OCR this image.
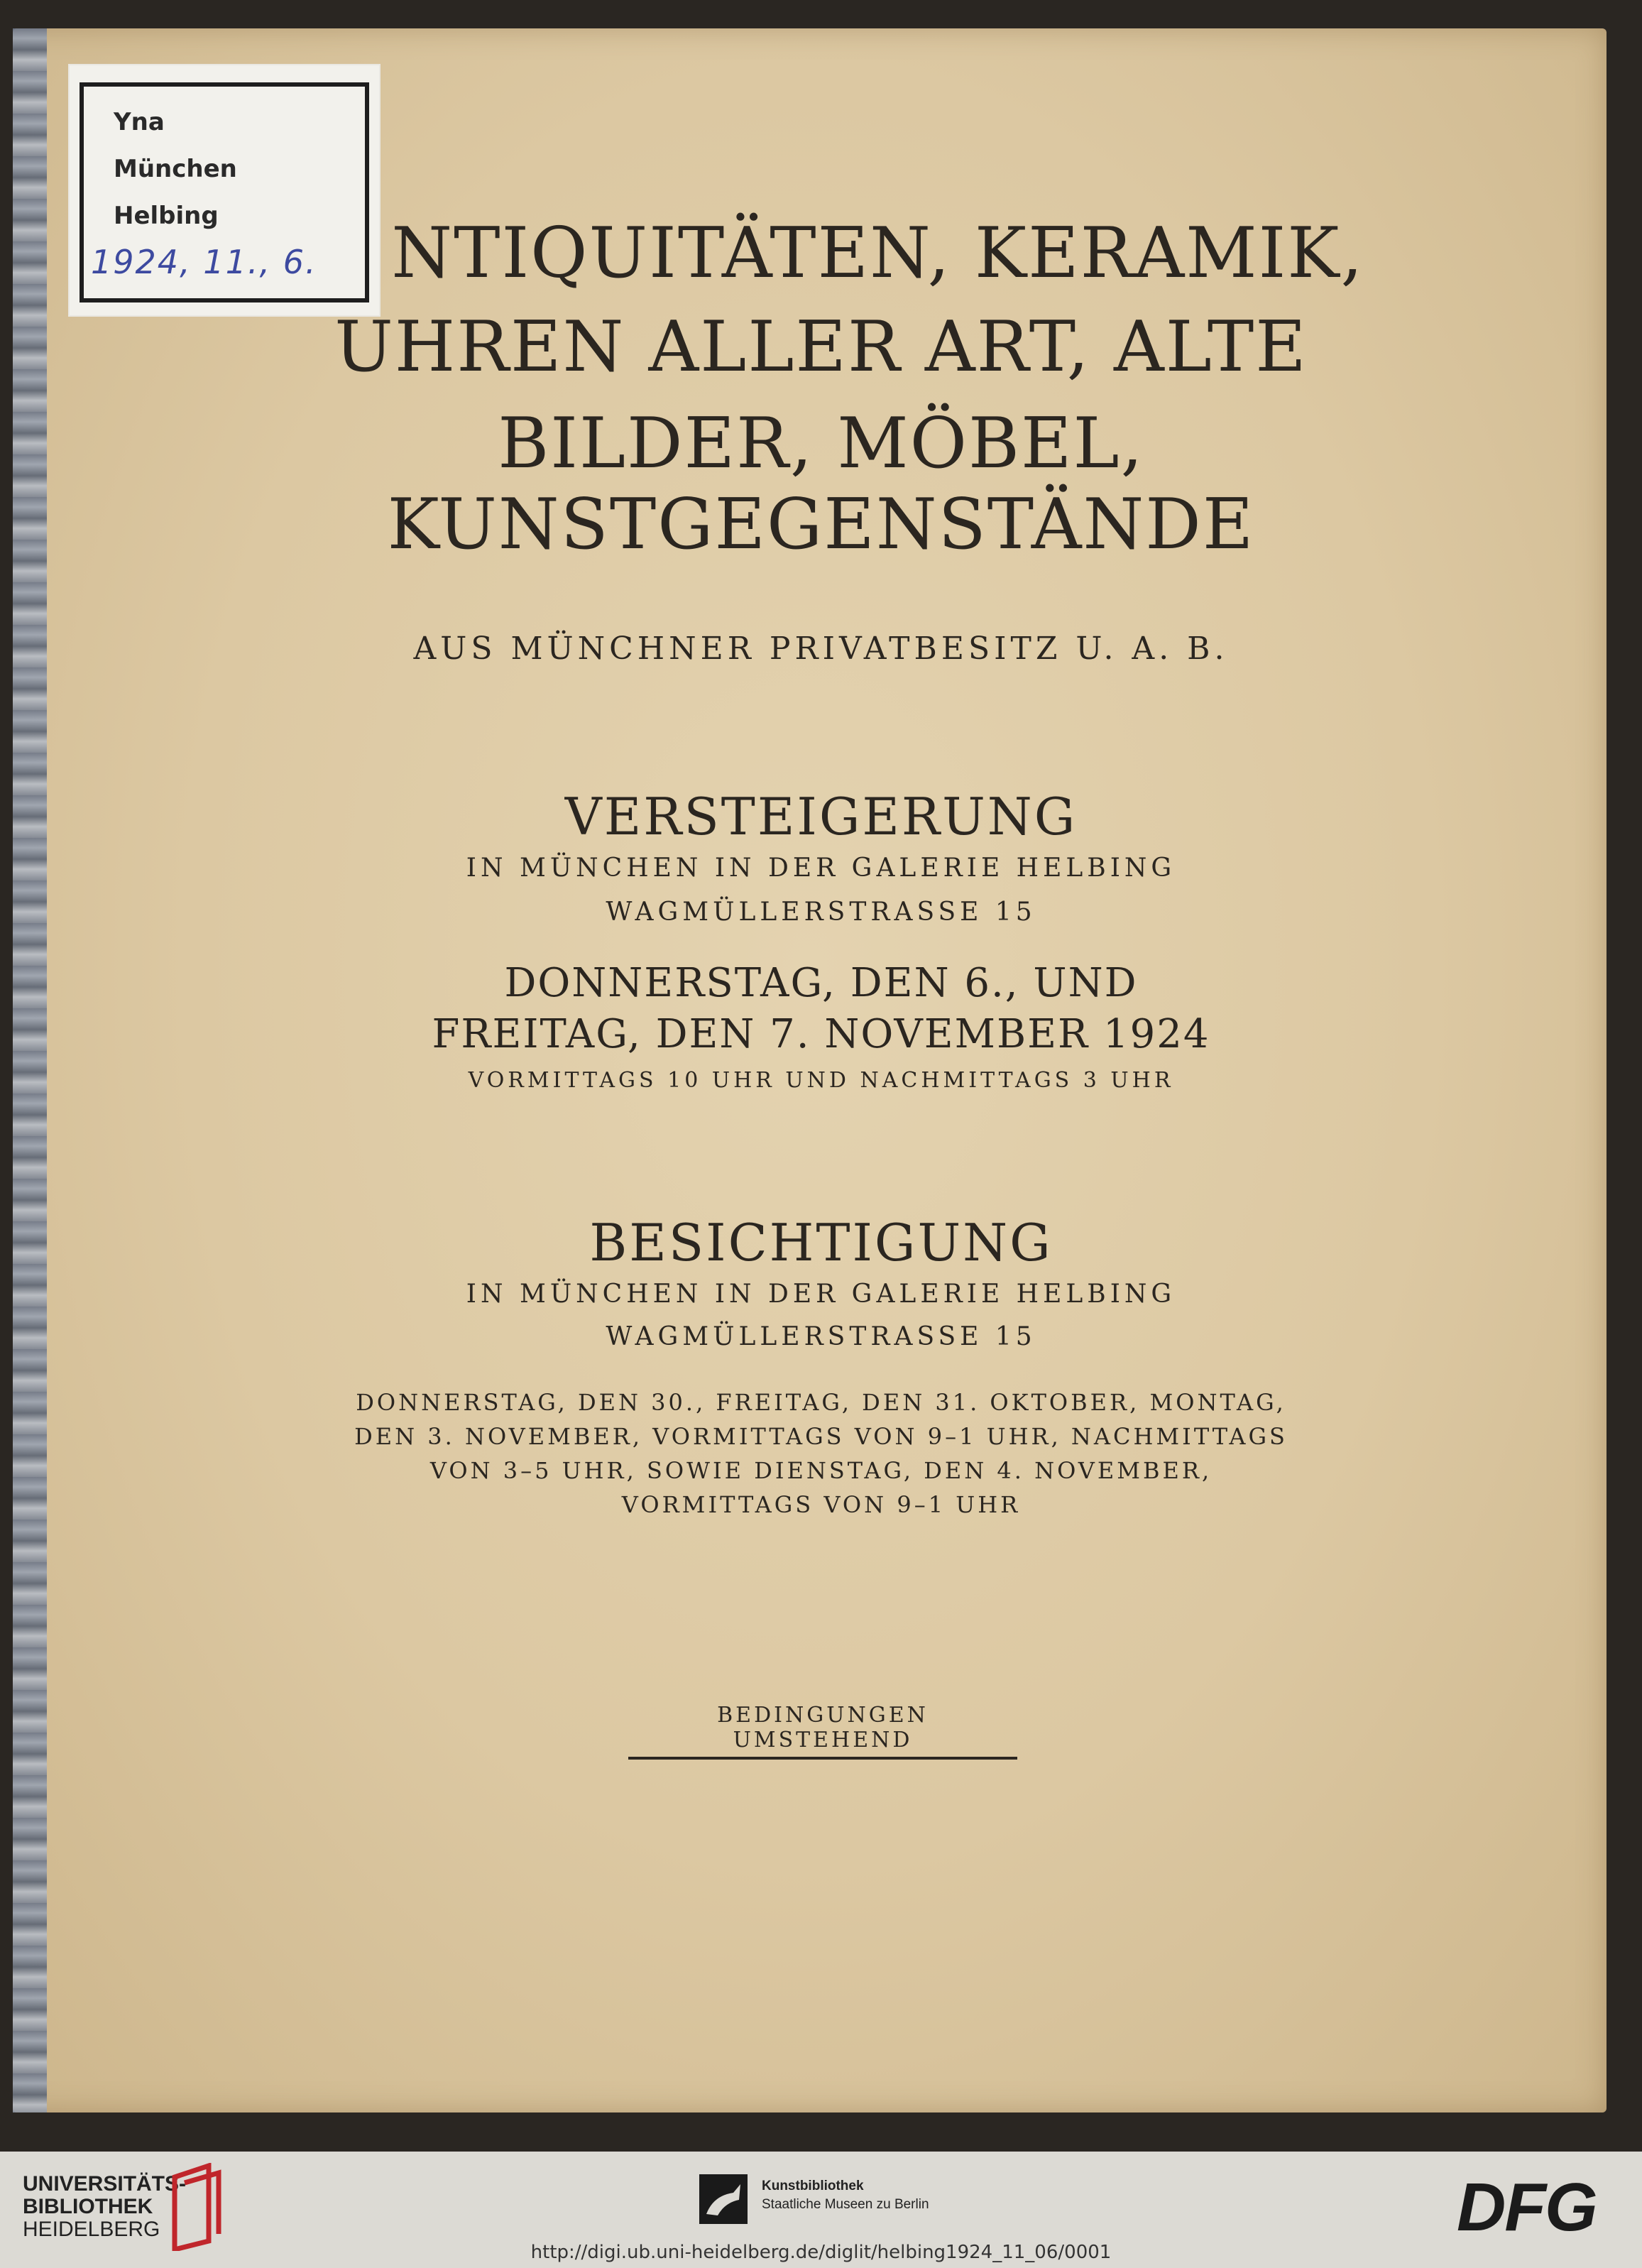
Yna
München
Helbing
1924, 11., 6.	NTIQUITÄTEN, KERAMIK,
UHREN ALLER ART, ALTE
BILDER, MÖBEL,
KUNSTGEGENSTÄNDE
AUS MÜNCHNER PRIVATBESITZ U. A. B.
VERSTEIGERUNG
IN MÜNCHEN IN DER GALERIE HELBING
WAGMÜLLERSTRASSE 15
DONNERSTAG, DEN 6., UND
FREITAG, DEN 7. NOVEMBER 1924
VORMITTAGS 10 UHR UND NACHMITTAGS 3 UHR
BESICHTIGUNG
IN MÜNCHEN IN DER GALERIE HELBING
WAGMÜLLERSTRASSE 15
DONNERSTAG, DEN 30., FREITAG, DEN 31. OKTOBER, MONTAG,
DEN 3. NOVEMBER, VORMITTAGS VON 9–1 UHR, NACHMITTAGS
VON 3–5 UHR, SOWIE DIENSTAG, DEN 4. NOVEMBER,
VORMITTAGS VON 9–1 UHR
BEDINGUNGEN UMSTEHEND
UNIVERSITÄTS-
BIBLIOTHEK
HEIDELBERG
Kunstbibliothek
Staatliche Museen zu Berlin	DFG
http://digi.ub.uni-heidelberg.de/diglit/helbing1924_11_06/0001
